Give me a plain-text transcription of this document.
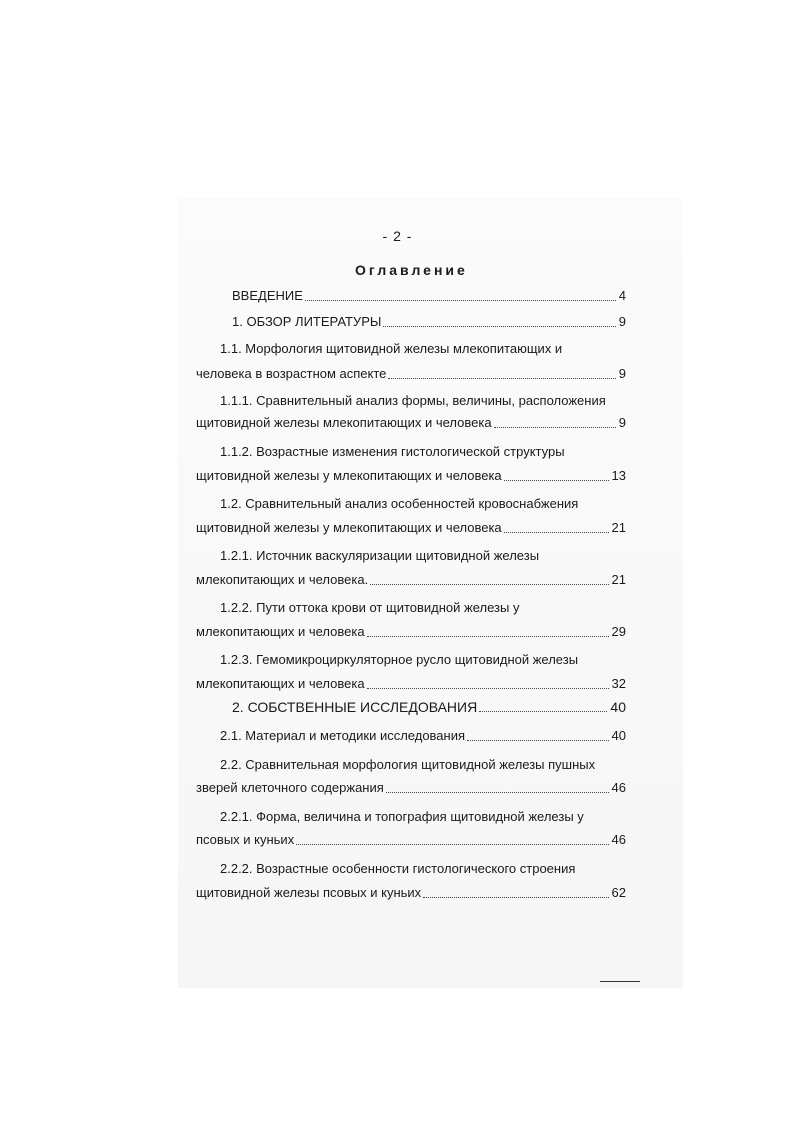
- 2 -
Оглавление
ВВЕДЕНИЕ	4
1. ОБЗОР ЛИТЕРАТУРЫ	9
1.1. Морфология щитовидной железы млекопитающих и
человека в возрастном аспекте	9
1.1.1. Сравнительный анализ формы, величины, расположения
щитовидной железы млекопитающих и человека	9
1.1.2. Возрастные изменения гистологической структуры
щитовидной железы у млекопитающих и человека	13
1.2. Сравнительный анализ особенностей кровоснабжения
щитовидной железы у млекопитающих и человека	21
1.2.1. Источник васкуляризации щитовидной железы
млекопитающих и человека.	21
1.2.2. Пути оттока крови от щитовидной железы у
млекопитающих и человека	29
1.2.3. Гемомикроциркуляторное русло щитовидной железы
млекопитающих и человека	32
2. СОБСТВЕННЫЕ ИССЛЕДОВАНИЯ	40
2.1. Материал и методики исследования	40
2.2. Сравнительная морфология щитовидной железы пушных
зверей клеточного содержания	46
2.2.1. Форма, величина и топография щитовидной железы у
псовых и куньих	46
2.2.2. Возрастные особенности гистологического строения
щитовидной железы псовых и куньих	62
